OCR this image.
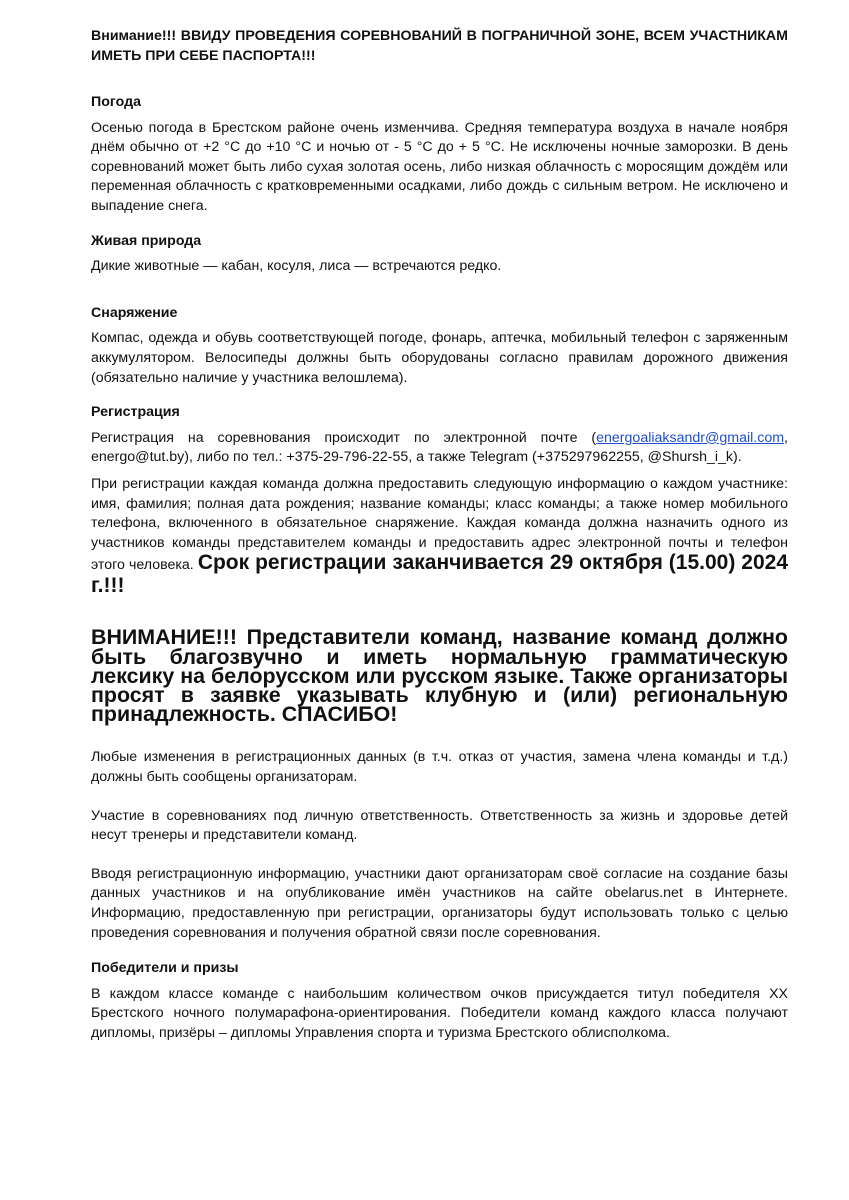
Внимание!!! ВВИДУ ПРОВЕДЕНИЯ СОРЕВНОВАНИЙ В ПОГРАНИЧНОЙ ЗОНЕ, ВСЕМ УЧАСТНИКАМ ИМЕТЬ ПРИ СЕБЕ ПАСПОРТА!!!

Погода

Осенью погода в Брестском районе очень изменчива. Средняя температура воздуха в начале ноября днём обычно от +2 °С до +10 °С и ночью от - 5 °С до + 5 °С. Не исключены ночные заморозки. В день соревнований может быть либо сухая золотая осень, либо низкая облачность с моросящим дождём или переменная облачность с кратковременными осадками, либо дождь с сильным ветром. Не исключено и выпадение снега.

Живая природа

Дикие животные — кабан, косуля, лиса — встречаются редко.

Снаряжение

Компас, одежда и обувь соответствующей погоде, фонарь, аптечка, мобильный телефон с заряженным аккумулятором. Велосипеды должны быть оборудованы согласно правилам дорожного движения (обязательно наличие у участника велошлема).

Регистрация

Регистрация на соревнования происходит по электронной почте (energoaliaksandr@gmail.com, energo@tut.by), либо по тел.: +375-29-796-22-55, а также Telegram (+375297962255, @Shursh_i_k).

При регистрации каждая команда должна предоставить следующую информацию о каждом участнике: имя, фамилия; полная дата рождения; название команды; класс команды; а также номер мобильного телефона, включенного в обязательное снаряжение. Каждая команда должна назначить одного из участников команды представителем команды и предоставить адрес электронной почты и телефон этого человека. Срок регистрации заканчивается 29 октября (15.00) 2024 г.!!!

ВНИМАНИЕ!!! Представители команд, название команд должно быть благозвучно и иметь нормальную грамматическую лексику на белорусском или русском языке. Также организаторы просят в заявке указывать клубную и (или) региональную принадлежность. СПАСИБО!

Любые изменения в регистрационных данных (в т.ч. отказ от участия, замена члена команды и т.д.) должны быть сообщены организаторам.

Участие в соревнованиях под личную ответственность. Ответственность за жизнь и здоровье детей несут тренеры и представители команд.

Вводя регистрационную информацию, участники дают организаторам своё согласие на создание базы данных участников и на опубликование имён участников на сайте obelarus.net в Интернете. Информацию, предоставленную при регистрации, организаторы будут использовать только с целью проведения соревнования и получения обратной связи после соревнования.

Победители и призы

В каждом классе команде с наибольшим количеством очков присуждается титул победителя XX Брестского ночного полумарафона-ориентирования. Победители команд каждого класса получают дипломы, призёры – дипломы Управления спорта и туризма Брестского облисполкома.
